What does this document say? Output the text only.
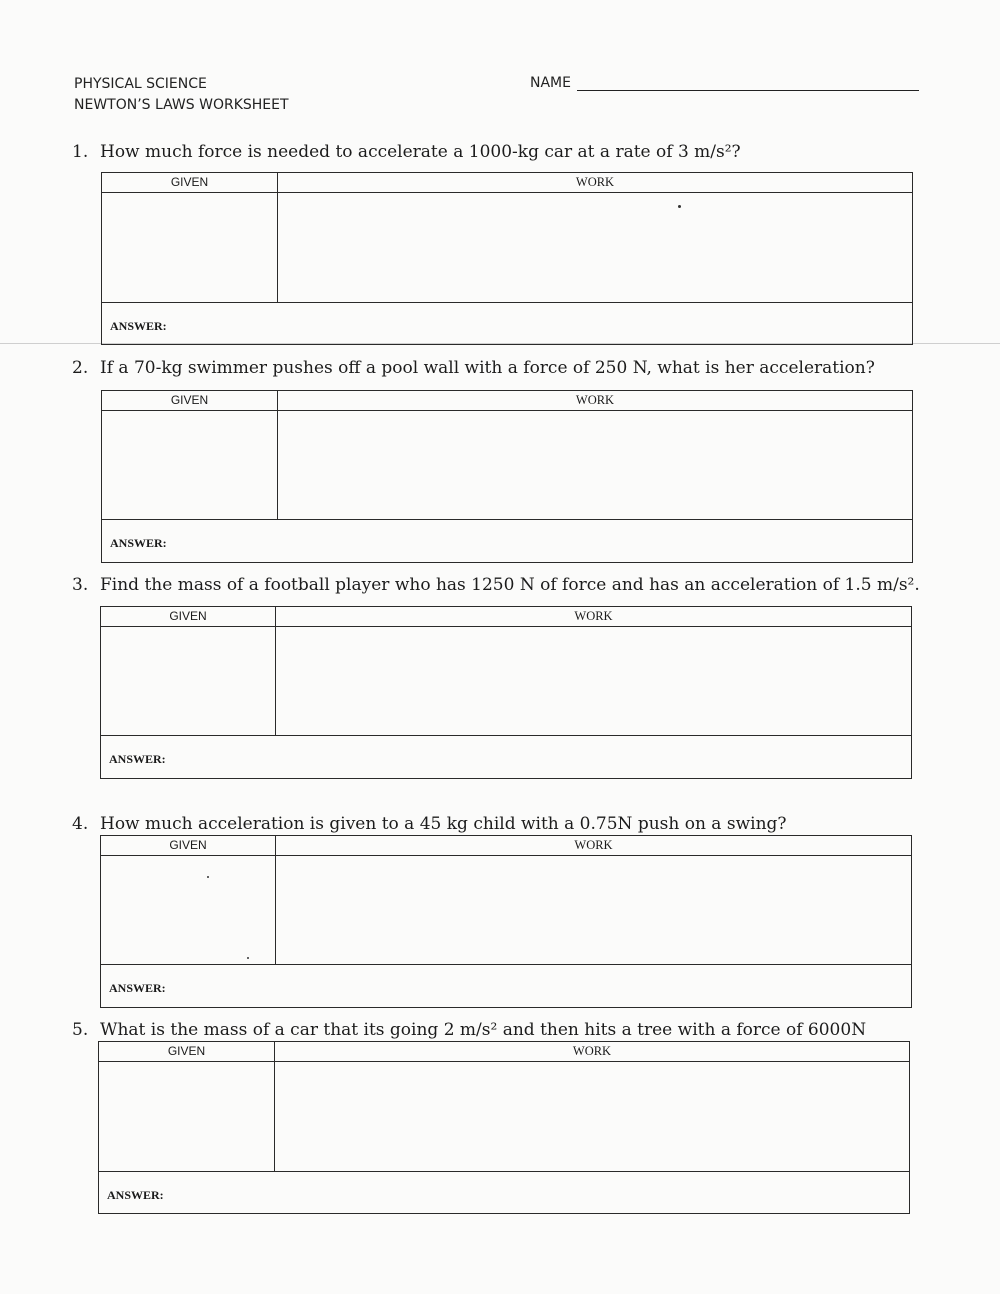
PHYSICAL SCIENCE
NEWTON’S LAWS WORKSHEET
NAME
1. How much force is needed to accelerate a 1000-kg car at a rate of 3 m/s²?
GIVEN	WORK
ANSWER:
2. If a 70-kg swimmer pushes off a pool wall with a force of 250 N, what is her acceleration?
GIVEN	WORK
ANSWER:
3. Find the mass of a football player who has 1250 N of force and has an acceleration of 1.5 m/s².
GIVEN	WORK
ANSWER:
4. How much acceleration is given to a 45 kg child with a 0.75N push on a swing?
GIVEN	WORK
ANSWER:
5. What is the mass of a car that its going 2 m/s² and then hits a tree with a force of 6000N
GIVEN	WORK
ANSWER:
